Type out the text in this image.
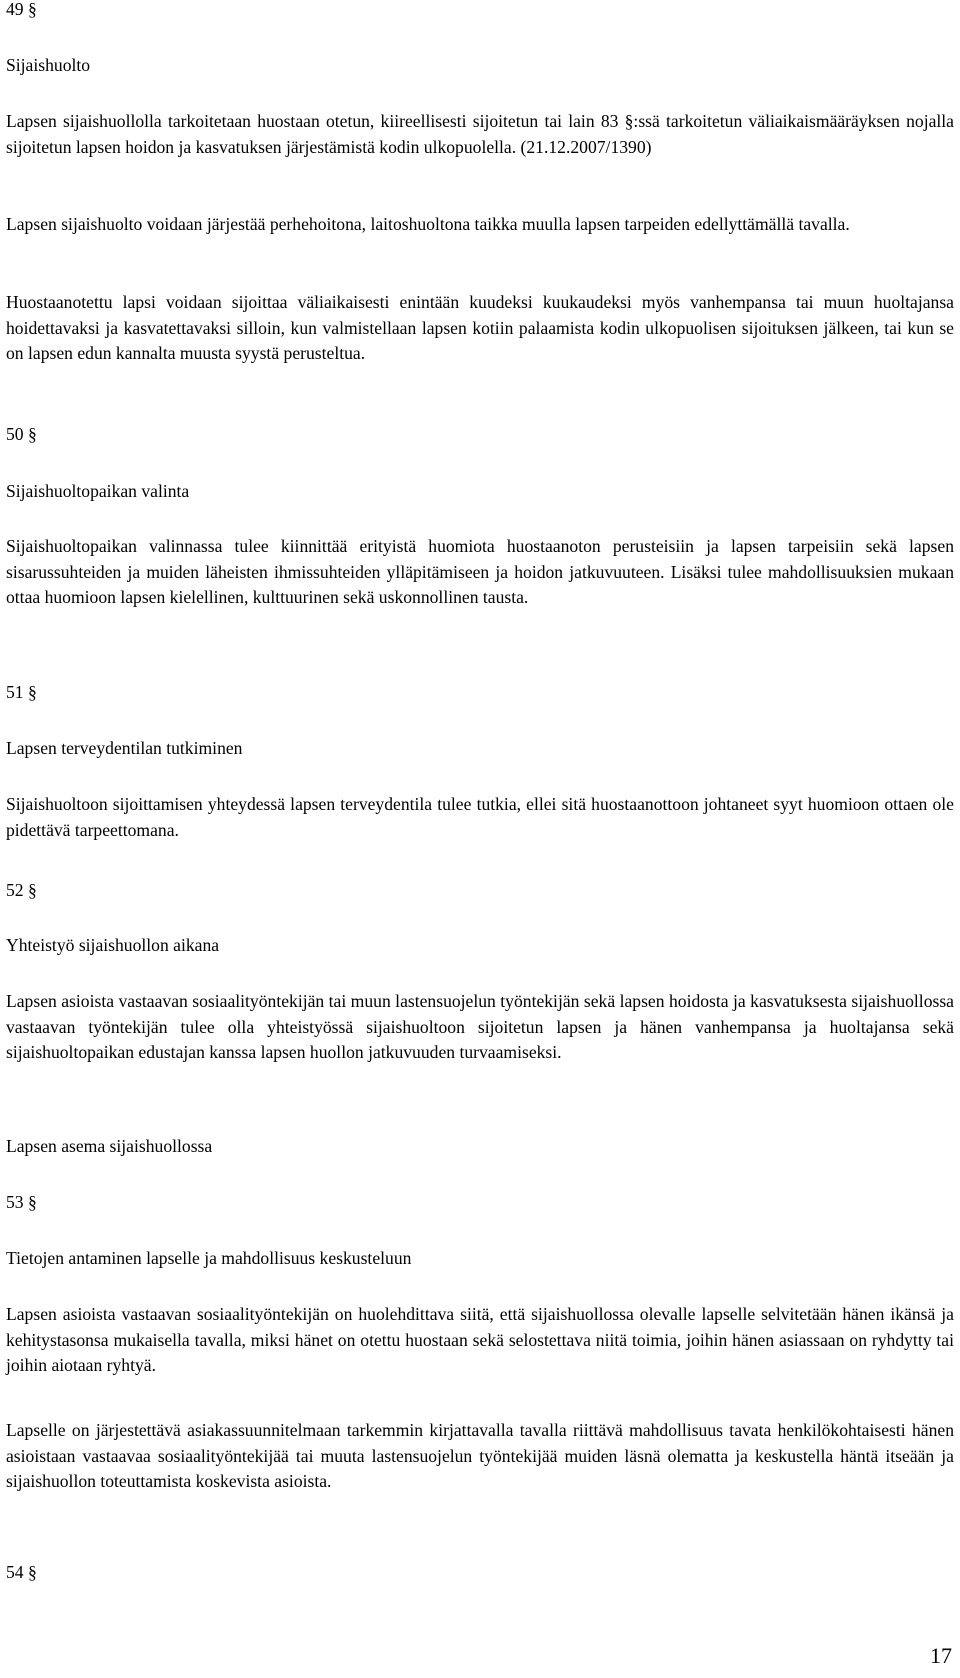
49 §

Sijaishuolto

Lapsen sijaishuollolla tarkoitetaan huostaan otetun, kiireellisesti sijoitetun tai lain 83 §:ssä tarkoitetun väliaikaismääräyksen nojalla sijoitetun lapsen hoidon ja kasvatuksen järjestämistä kodin ulkopuolella. (21.12.2007/1390)

Lapsen sijaishuolto voidaan järjestää perhehoitona, laitoshuoltona taikka muulla lapsen tarpeiden edellyttämällä tavalla.

Huostaanotettu lapsi voidaan sijoittaa väliaikaisesti enintään kuudeksi kuukaudeksi myös vanhempansa tai muun huoltajansa hoidettavaksi ja kasvatettavaksi silloin, kun valmistellaan lapsen kotiin palaamista kodin ulkopuolisen sijoituksen jälkeen, tai kun se on lapsen edun kannalta muusta syystä perusteltua.

50 §

Sijaishuoltopaikan valinta

Sijaishuoltopaikan valinnassa tulee kiinnittää erityistä huomiota huostaanoton perusteisiin ja lapsen tarpeisiin sekä lapsen sisarussuhteiden ja muiden läheisten ihmissuhteiden ylläpitämiseen ja hoidon jatkuvuuteen. Lisäksi tulee mahdollisuuksien mukaan ottaa huomioon lapsen kielellinen, kulttuurinen sekä uskonnollinen tausta.

51 §

Lapsen terveydentilan tutkiminen

Sijaishuoltoon sijoittamisen yhteydessä lapsen terveydentila tulee tutkia, ellei sitä huostaanottoon johtaneet syyt huomioon ottaen ole pidettävä tarpeettomana.

52 §

Yhteistyö sijaishuollon aikana

Lapsen asioista vastaavan sosiaalityöntekijän tai muun lastensuojelun työntekijän sekä lapsen hoidosta ja kasvatuksesta sijaishuollossa vastaavan työntekijän tulee olla yhteistyössä sijaishuoltoon sijoitetun lapsen ja hänen vanhempansa ja huoltajansa sekä sijaishuoltopaikan edustajan kanssa lapsen huollon jatkuvuuden turvaamiseksi.

Lapsen asema sijaishuollossa

53 §

Tietojen antaminen lapselle ja mahdollisuus keskusteluun

Lapsen asioista vastaavan sosiaalityöntekijän on huolehdittava siitä, että sijaishuollossa olevalle lapselle selvitetään hänen ikänsä ja kehitystasonsa mukaisella tavalla, miksi hänet on otettu huostaan sekä selostettava niitä toimia, joihin hänen asiassaan on ryhdytty tai joihin aiotaan ryhtyä.

Lapselle on järjestettävä asiakassuunnitelmaan tarkemmin kirjattavalla tavalla riittävä mahdollisuus tavata henkilökohtaisesti hänen asioistaan vastaavaa sosiaalityöntekijää tai muuta lastensuojelun työntekijää muiden läsnä olematta ja keskustella häntä itseään ja sijaishuollon toteuttamista koskevista asioista.

54 §

17
